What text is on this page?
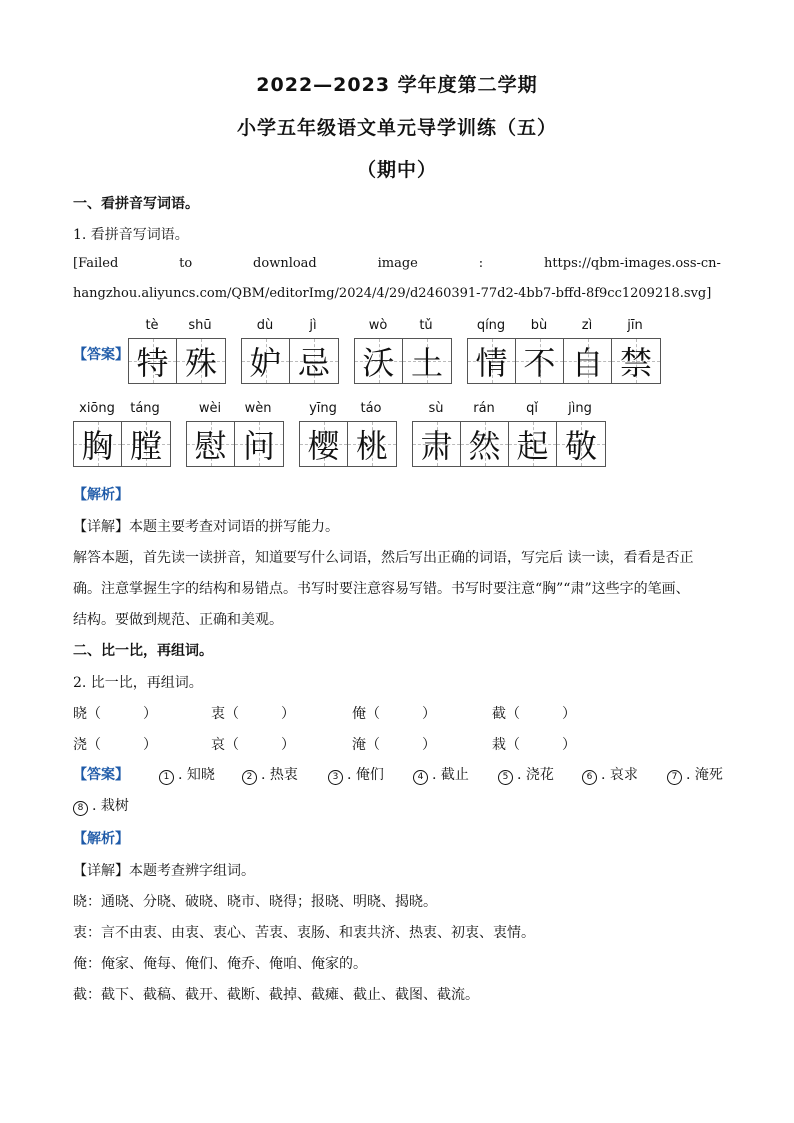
2022—2023 学年度第二学期
小学五年级语文单元导学训练（五）
（期中）
一、看拼音写词语。
1. 看拼音写词语。
[Failed	to	download	image	:	https://qbm-images.oss-cn-
hangzhou.aliyuncs.com/QBM/editorImg/2024/4/29/d2460391-77d2-4bb7-bffd-8f9cc1209218.svg]
【答案】
tè	shū
特 殊
dù	jì
妒 忌
wò	tǔ
沃 土
qíng	bù	zì	jīn
情 不 自 禁
xiōng	táng
胸 膛
wèi	wèn
慰 问
yīng	táo
樱 桃
sù	rán	qǐ	jìng
肃 然 起 敬
【解析】
【详解】本题主要考查对词语的拼写能力。
解答本题，首先读一读拼音，知道要写什么词语，然后写出正确的词语，写完后 读一读，看看是否正
确。注意掌握生字的结构和易错点。书写时要注意容易写错。书写时要注意“胸”“肃”这些字的笔画、
结构。要做到规范、正确和美观。
二、比一比，再组词。
2. 比一比，再组词。
晓（　　　）	衷（　　　）	俺（　　　）	截（　　　）
浇（　　　）	哀（　　　）	淹（　　　）	栽（　　　）
【答案】	1 . 知晓	2 . 热衷	3 . 俺们	4 . 截止	5 . 浇花	6 . 哀求	7 . 淹死
8 . 栽树
【解析】
【详解】本题考查辨字组词。
晓：通晓、分晓、破晓、晓市、晓得；报晓、明晓、揭晓。
衷：言不由衷、由衷、衷心、苦衷、衷肠、和衷共济、热衷、初衷、衷情。
俺：俺家、俺每、俺们、俺乔、俺咱、俺家的。
截：截下、截稿、截开、截断、截掉、截瘫、截止、截图、截流。
